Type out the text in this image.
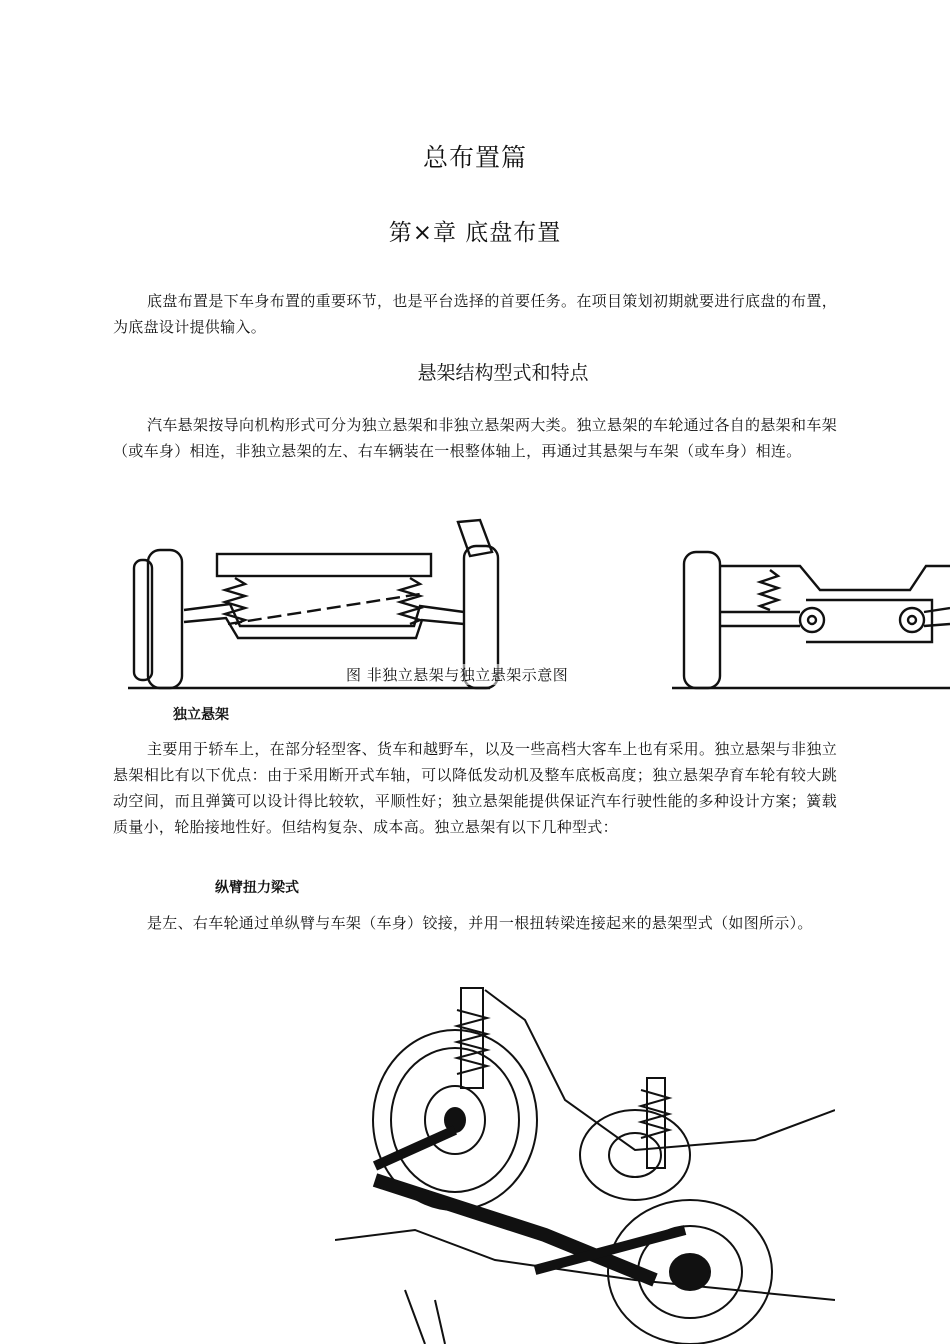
总布置篇
第×章 底盘布置
底盘布置是下车身布置的重要环节，也是平台选择的首要任务。在项目策划初期就要进行底盘的布置，为底盘设计提供输入。
悬架结构型式和特点
汽车悬架按导向机构形式可分为独立悬架和非独立悬架两大类。独立悬架的车轮通过各自的悬架和车架（或车身）相连，非独立悬架的左、右车辆装在一根整体轴上，再通过其悬架与车架（或车身）相连。
图 非独立悬架与独立悬架示意图
独立悬架
主要用于轿车上，在部分轻型客、货车和越野车，以及一些高档大客车上也有采用。独立悬架与非独立悬架相比有以下优点：由于采用断开式车轴，可以降低发动机及整车底板高度；独立悬架孕育车轮有较大跳动空间，而且弹簧可以设计得比较软，平顺性好；独立悬架能提供保证汽车行驶性能的多种设计方案；簧载质量小，轮胎接地性好。但结构复杂、成本高。独立悬架有以下几种型式：
纵臂扭力梁式
是左、右车轮通过单纵臂与车架（车身）铰接，并用一根扭转梁连接起来的悬架型式（如图所示）。
